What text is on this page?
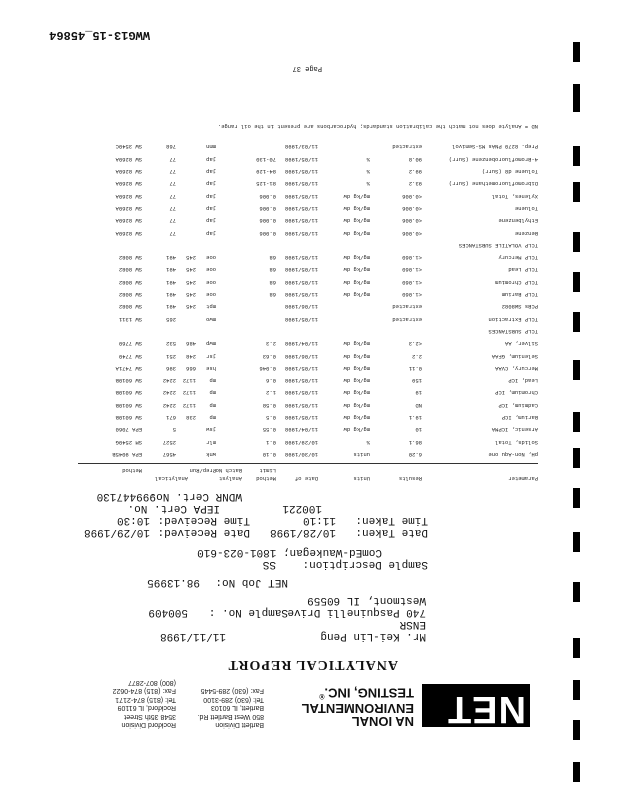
WWG13-15_45864
NET
NA IONAL
ENVIRONMENTAL
TESTING, INC.®
Bartlett Division
850 West Bartlett Rd.
Bartlett, IL 60103
Tel: (630) 289-3100
Fax: (630) 289-5445
Rockford Division
3548 35th Street
Rockford, IL 61109
Tel: (815) 874-2171
Fax: (815) 874-0622
(800) 807-2877
ANALYTICAL REPORT
Mr. Kei-Lin Peng
11/11/1998
ENSR
740 Pasquinelli Drive
Sample No. :
500409
Westmont, IL 60559
NET Job No:
98.13995
Sample Description:
SS
ComEd-Waukegan; 1801-023-610
Date Taken:
10/28/1998
Date Received:
10/29/1998
Time Taken:
11:10
Time Received:
10:30
IEPA Cert. No.	100221
WDNR Cert. No.
999447130
Parameter
Results
Units
Date of
Method
Analyst
Analytical
Limit
Batch No.
Prep/Run
Method
pH, Non-Aqu one
6.20
units
10/30/1998
0.10
wnk
4567
EPA 9045B
Solids, Total
86.1
%
10/29/1998
0.1
mlr
2527
SM 2540G
Arsenic, ICPMA
10
mg/kg dw
11/04/1998
0.55
jsw
5
EPA 7060
Barium, ICP
19.1
mg/kg dw
11/05/1998
0.5
mp
238
671
SW 6010B
Cadmium, ICP
ND
mg/kg dw
11/05/1998
0.58
mp
1172
2242
SW 6010B
Chromium, ICP
19
mg/kg dw
11/05/1998
1.2
mp
1172
2242
SW 6010B
Lead, ICP
159
mg/kg dw
11/05/1998
0.6
mp
1172
2242
SW 6010B
Mercury, CVAA
0.11
mg/kg dw
11/05/1998
0.046
hse
666
396
SW 7471A
Selenium, GFAA
2.2
mg/kg dw
11/06/1998
0.63
jsr
248
251
SW 7740
Silver, AA
<2.3
mg/kg dw
11/04/1998
2.3
mwp
486
532
SW 7760
TCLP SUBSTANCES
TCLP Extraction
extracted
11/05/1998
mwo
265
SW 1311
PCBs SW8082
extracted
11/06/1998
mpt
245
491
SW 8082
TCLP Barium
<1.060
mg/kg dw
11/05/1998
68
ooe
245
491
SW 8082
TCLP Chromium
<1.060
mg/kg dw
11/05/1998
68
ooe
245
491
SW 8082
TCLP Lead
<1.060
mg/kg dw
11/05/1998
68
ooe
245
491
SW 8082
TCLP Mercury
<1.060
mg/kg dw
11/05/1998
68
ooe
245
491
SW 8082
TCLP VOLATILE SUBSTANCES
Benzene
<0.006
mg/kg dw
11/05/1998
0.006
jap
77
SW 8260A
Ethylbenzene
<0.006
mg/kg dw
11/05/1998
0.006
jap
77
SW 8260A
Toluene
<0.006
mg/kg dw
11/05/1998
0.006
jap
77
SW 8260A
Xylenes, Total
<0.006
mg/kg dw
11/05/1998
0.006
jap
77
SW 8260A
Dibromofluoromethane (Surr)
93.2
%
11/05/1998
81-125
jap
77
SW 8260A
Toluene d8 (Surr)
99.2
%
11/05/1998
84-129
jap
77
SW 8260A
4-Bromofluorobenzene (Surr)
90.8
%
11/05/1998
70-130
jap
77
SW 8260A
Prep. 8270 PNAs MS-Semivol
extracted
11/03/1998
mmn
768
SW 3540C
ND = Analyte does not match the calibration standards; hydrocarbons are present in the oil range.
Page 37
